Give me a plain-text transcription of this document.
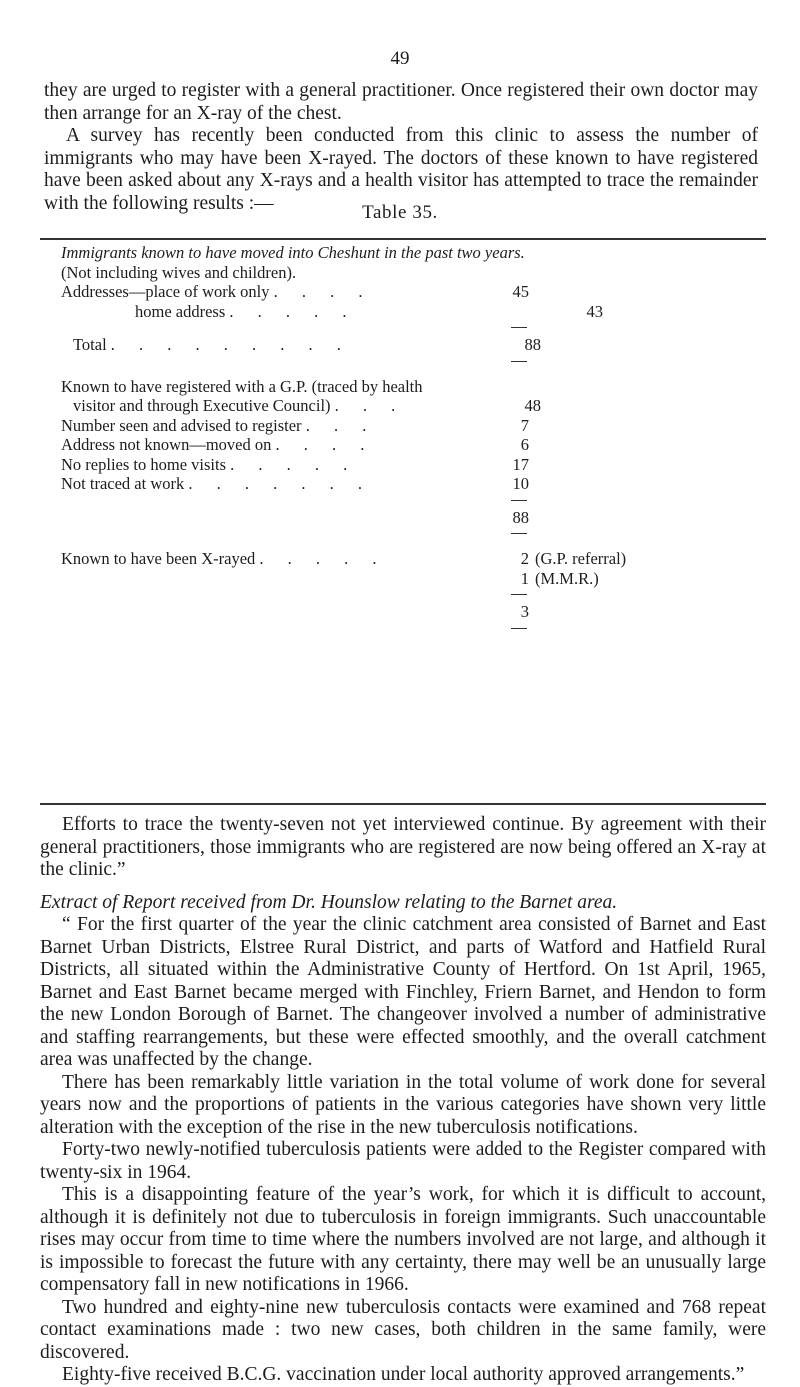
49

they are urged to register with a general practitioner. Once registered their own doctor may then arrange for an X-ray of the chest.

A survey has recently been conducted from this clinic to assess the number of immigrants who may have been X-rayed. The doctors of these known to have registered have been asked about any X-rays and a health visitor has attempted to trace the remainder with the following results :—	Table 35.
Immigrants known to have moved into Cheshunt in the past two years.
(Not including wives and children).
Addresses—place of work only . . . .	45
home address . . . . .	43
Total . . . . . . . . .	88
Known to have registered with a G.P. (traced by health
visitor and through Executive Council) . . .	48
Number seen and advised to register . . .	7
Address not known—moved on . . . .	6
No replies to home visits . . . . .	17
Not traced at work . . . . . . .	10
88
Known to have been X-rayed . . . . .	2 (G.P. referral)
1 (M.M.R.)
3

Efforts to trace the twenty-seven not yet interviewed continue. By agreement with their general practitioners, those immigrants who are registered are now being offered an X-ray at the clinic.”

Extract of Report received from Dr. Hounslow relating to the Barnet area.

“ For the first quarter of the year the clinic catchment area consisted of Barnet and East Barnet Urban Districts, Elstree Rural District, and parts of Watford and Hatfield Rural Districts, all situated within the Administrative County of Hertford. On 1st April, 1965, Barnet and East Barnet became merged with Finchley, Friern Barnet, and Hendon to form the new London Borough of Barnet. The changeover involved a number of administrative and staffing rearrangements, but these were effected smoothly, and the overall catchment area was unaffected by the change.

There has been remarkably little variation in the total volume of work done for several years now and the proportions of patients in the various categories have shown very little alteration with the exception of the rise in the new tuberculosis notifications.

Forty-two newly-notified tuberculosis patients were added to the Register compared with twenty-six in 1964.

This is a disappointing feature of the year’s work, for which it is difficult to account, although it is definitely not due to tuberculosis in foreign immigrants. Such unaccountable rises may occur from time to time where the numbers involved are not large, and although it is impossible to forecast the future with any certainty, there may well be an unusually large compensatory fall in new notifications in 1966.

Two hundred and eighty-nine new tuberculosis contacts were examined and 768 repeat contact examinations made : two new cases, both children in the same family, were discovered.

Eighty-five received B.C.G. vaccination under local authority approved arrangements.”
